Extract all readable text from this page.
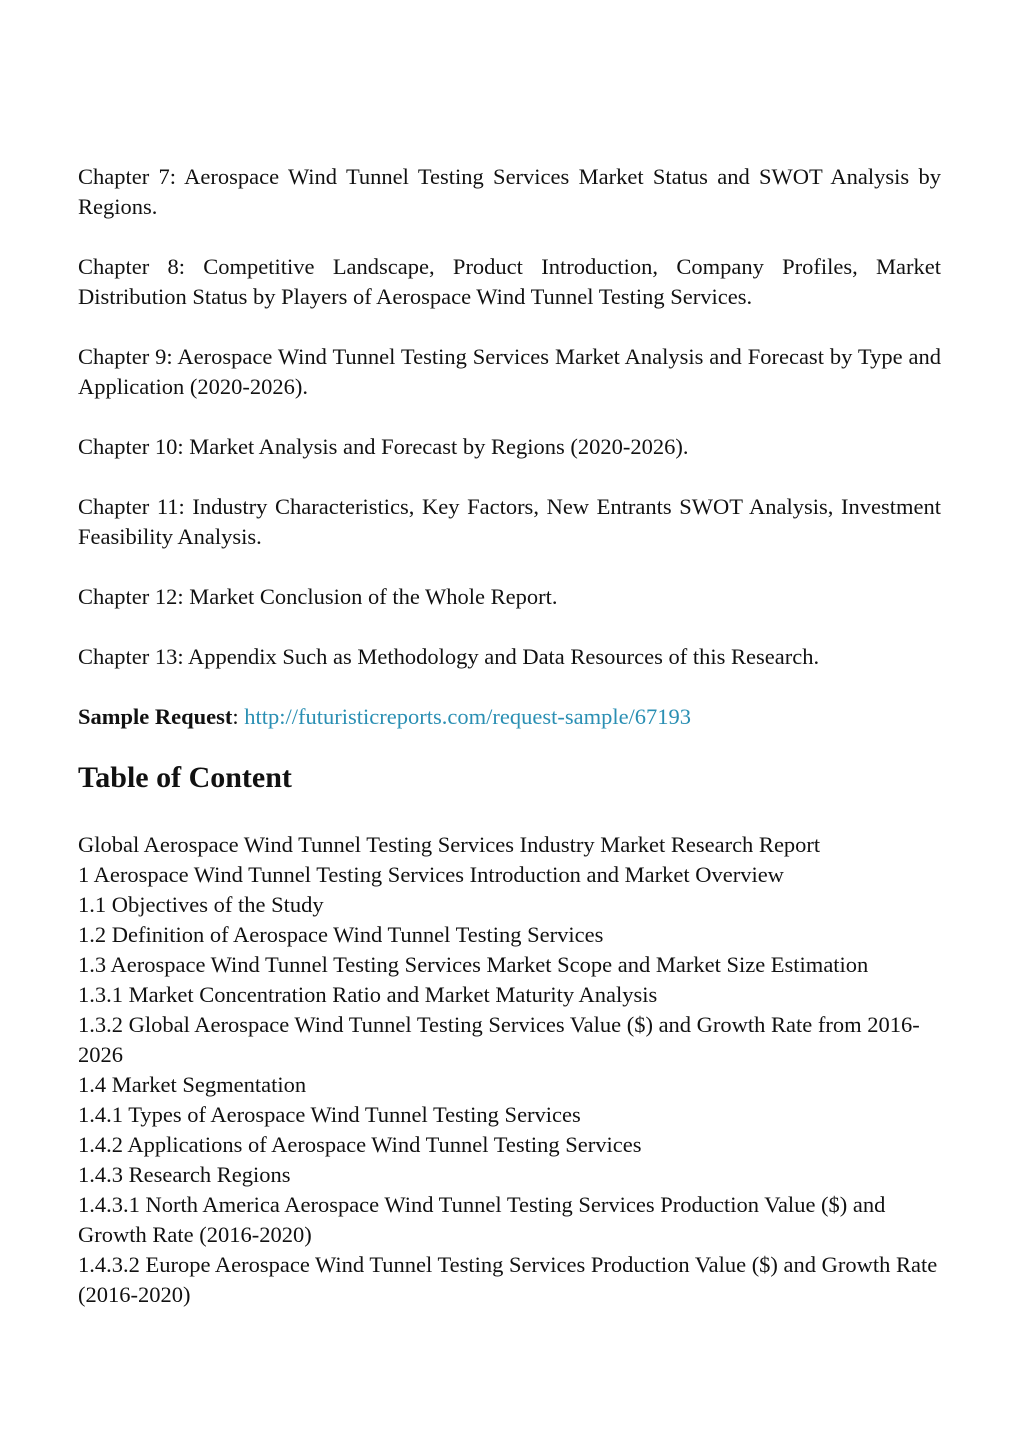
Chapter 7: Aerospace Wind Tunnel Testing Services Market Status and SWOT Analysis by Regions.

Chapter 8: Competitive Landscape, Product Introduction, Company Profiles, Market Distribution Status by Players of Aerospace Wind Tunnel Testing Services.

Chapter 9: Aerospace Wind Tunnel Testing Services Market Analysis and Forecast by Type and Application (2020-2026).

Chapter 10: Market Analysis and Forecast by Regions (2020-2026).

Chapter 11: Industry Characteristics, Key Factors, New Entrants SWOT Analysis, Investment Feasibility Analysis.

Chapter 12: Market Conclusion of the Whole Report.

Chapter 13: Appendix Such as Methodology and Data Resources of this Research.

Sample Request: http://futuristicreports.com/request-sample/67193

Table of Content
Global Aerospace Wind Tunnel Testing Services Industry Market Research Report
1 Aerospace Wind Tunnel Testing Services Introduction and Market Overview
1.1 Objectives of the Study
1.2 Definition of Aerospace Wind Tunnel Testing Services
1.3 Aerospace Wind Tunnel Testing Services Market Scope and Market Size Estimation
1.3.1 Market Concentration Ratio and Market Maturity Analysis
1.3.2 Global Aerospace Wind Tunnel Testing Services Value ($) and Growth Rate from 2016-2026
1.4 Market Segmentation
1.4.1 Types of Aerospace Wind Tunnel Testing Services
1.4.2 Applications of Aerospace Wind Tunnel Testing Services
1.4.3 Research Regions
1.4.3.1 North America Aerospace Wind Tunnel Testing Services Production Value ($) and Growth Rate (2016-2020)
1.4.3.2 Europe Aerospace Wind Tunnel Testing Services Production Value ($) and Growth Rate (2016-2020)
